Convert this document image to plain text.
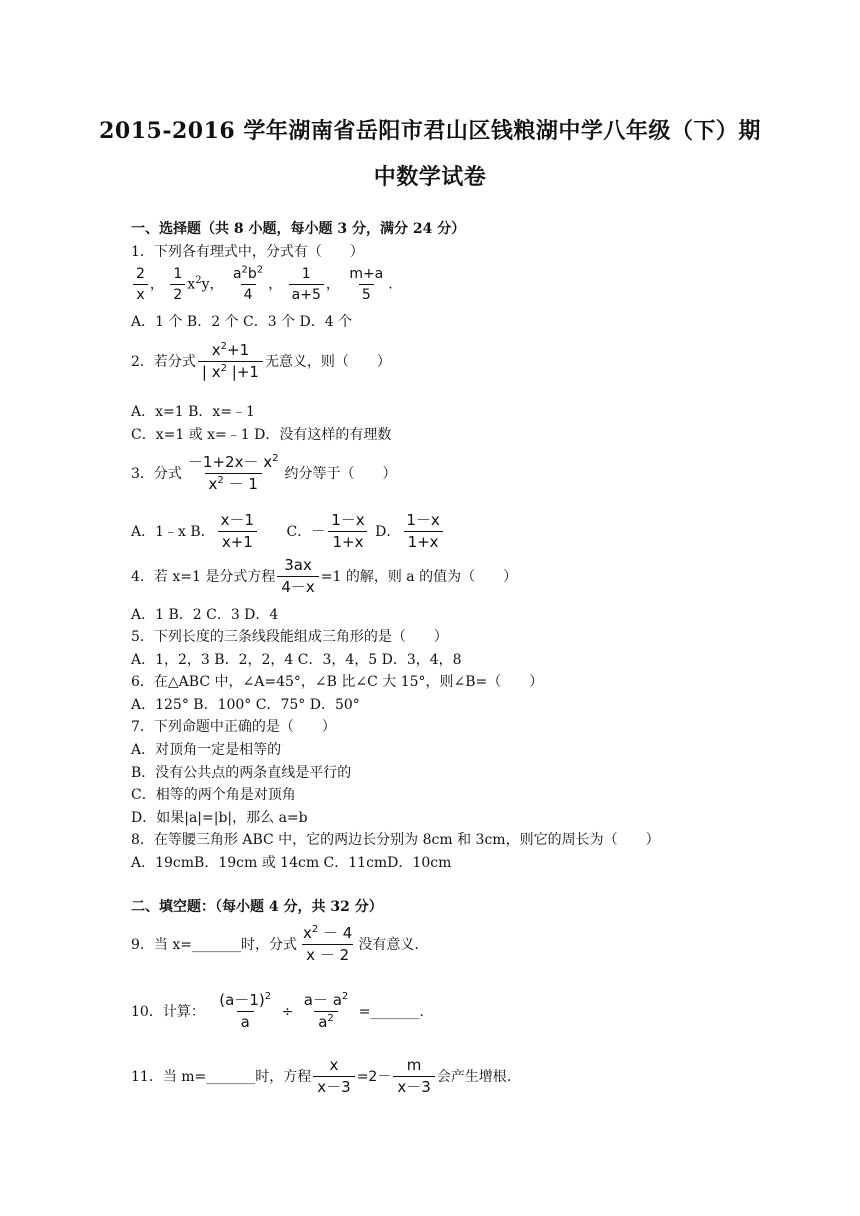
2015-2016 学年湖南省岳阳市君山区钱粮湖中学八年级（下）期
中数学试卷
一、选择题（共 8 小题，每小题 3 分，满分 24 分）
1．下列各有理式中，分式有（　　）
$\frac{2}{x}$ ， $\frac{1}{2} x^2y$， $\frac{a^2b^2}{4}$ ， $\frac{1}{a+5}$ ， $\frac{m+a}{5}$ .
A．1 个 B．2 个 C．3 个 D．4 个
2．若分式 $\frac{x^2+1}{| x^2 |+1}$ 无意义，则（　　）
A．x=1 B．x=﹣1
C．x=1 或 x=﹣1 D．没有这样的有理数
3．分式 $\frac{-1+2x- x^2}{x^2 - 1}$ 约分等于（　　）
A．1﹣x B． $\frac{x-1}{x+1}$ C．－ $\frac{1-x}{1+x}$ D． $\frac{1-x}{1+x}$
4．若 x=1 是分式方程 $\frac{3ax}{4-x} =1$ 的解，则 a 的值为（　　）
A．1 B．2 C．3 D．4
5．下列长度的三条线段能组成三角形的是（　　）
A．1，2，3 B．2，2，4 C．3，4，5 D．3，4，8
6．在△ABC 中，∠A=45°，∠B 比∠C 大 15°，则∠B=（　　）
A．125° B．100° C．75° D．50°
7．下列命题中正确的是（　　）
A．对顶角一定是相等的
B．没有公共点的两条直线是平行的
C．相等的两个角是对顶角
D．如果|a|=|b|，那么 a=b
8．在等腰三角形 ABC 中，它的两边长分别为 8cm 和 3cm，则它的周长为（　　）
A．19cmB．19cm 或 14cm C．11cmD．10cm
二、填空题：（每小题 4 分，共 32 分）
9．当 x=_______时，分式 $\frac{x^2 - 4}{x - 2}$ 没有意义.
10．计算： $\frac{(a-1)^2}{a} \div \frac{a- a^2}{a^2}$ =_______.
11．当 m=_______时，方程 $\frac{x}{x-3} =2- \frac{m}{x-3}$ 会产生增根.
